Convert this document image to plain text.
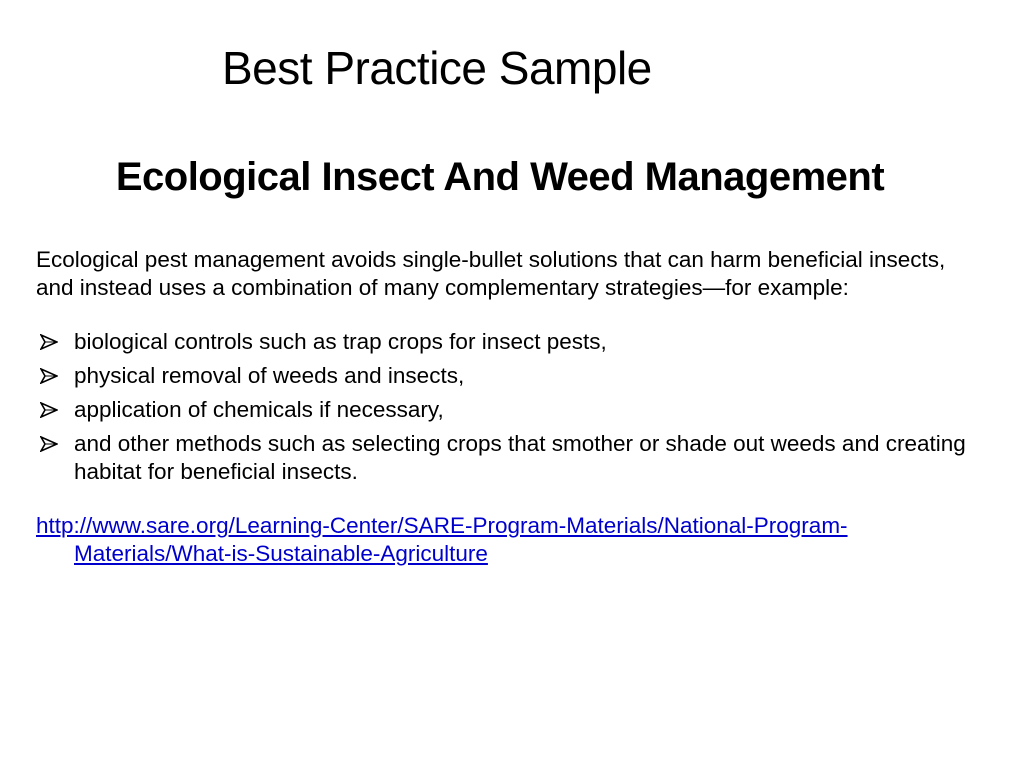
Best Practice Sample
Ecological Insect And Weed Management

Ecological pest management avoids single-bullet solutions that can harm beneficial insects, and instead uses a combination of many complementary strategies—for example:

biological controls such as trap crops for insect pests,
physical removal of weeds and insects,
application of chemicals if necessary,
and other methods such as selecting crops that smother or shade out weeds and creating habitat for beneficial insects.
http://www.sare.org/Learning-Center/SARE-Program-Materials/National-Program-Materials/What-is-Sustainable-Agriculture
